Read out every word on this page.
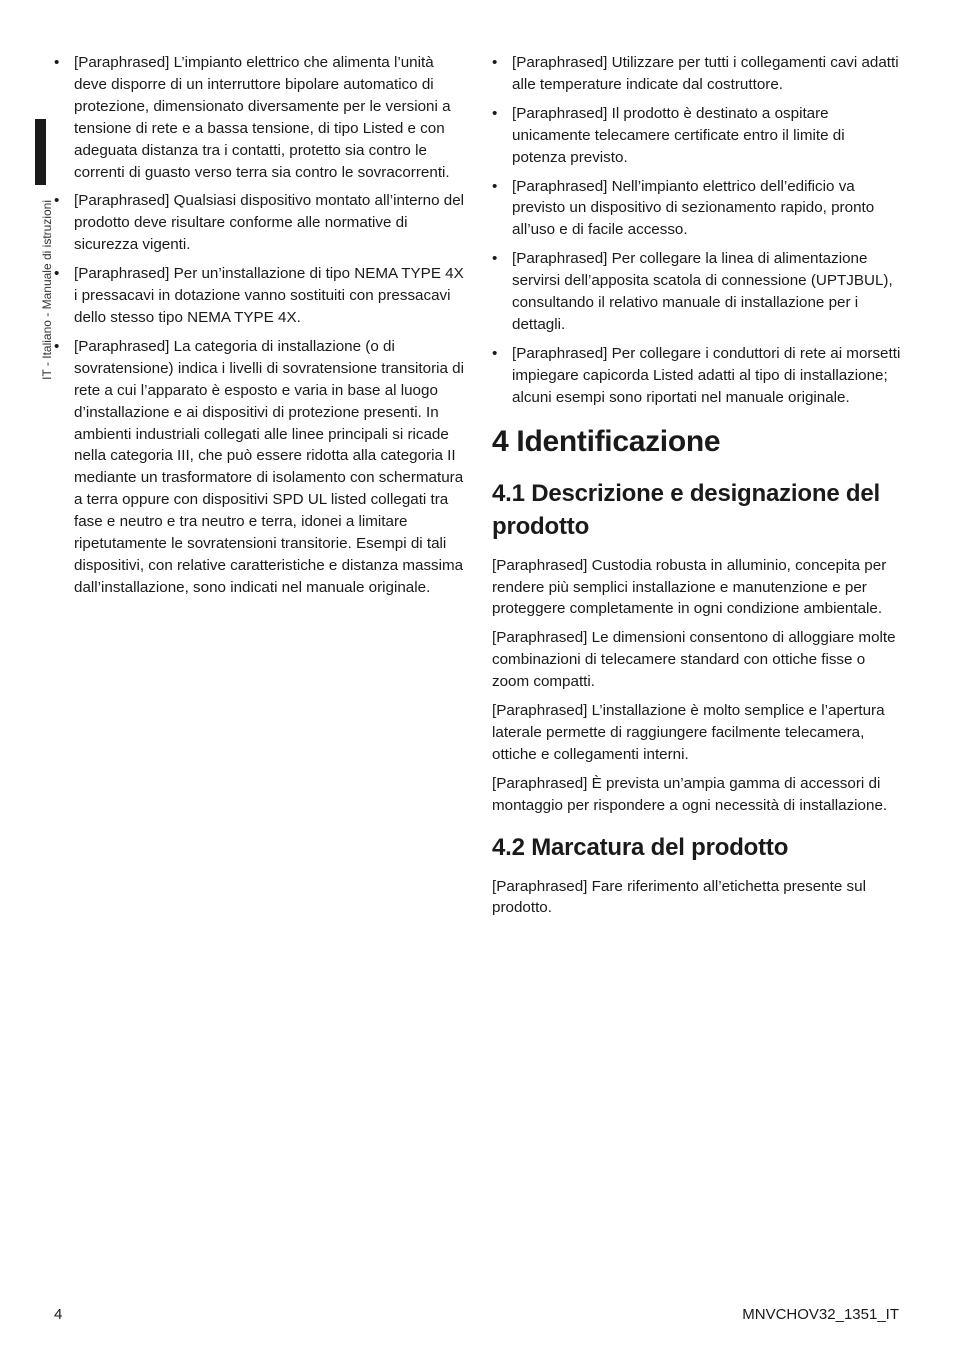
IT - Italiano - Manuale di istruzioni
• [Paraphrased] L’impianto elettrico che alimenta l’unità deve disporre di un interruttore bipolare automatico di protezione, dimensionato diversamente per le versioni a tensione di rete e a bassa tensione, di tipo Listed e con adeguata distanza tra i contatti, protetto sia contro le correnti di guasto verso terra sia contro le sovracorrenti.
• [Paraphrased] Qualsiasi dispositivo montato all’interno del prodotto deve risultare conforme alle normative di sicurezza vigenti.
• [Paraphrased] Per un’installazione di tipo NEMA TYPE 4X i pressacavi in dotazione vanno sostituiti con pressacavi dello stesso tipo NEMA TYPE 4X.
• [Paraphrased] La categoria di installazione (o di sovratensione) indica i livelli di sovratensione transitoria di rete a cui l’apparato è esposto e varia in base al luogo d’installazione e ai dispositivi di protezione presenti. In ambienti industriali collegati alle linee principali si ricade nella categoria III, che può essere ridotta alla categoria II mediante un trasformatore di isolamento con schermatura a terra oppure con dispositivi SPD UL listed collegati tra fase e neutro e tra neutro e terra, idonei a limitare ripetutamente le sovratensioni transitorie. Esempi di tali dispositivi, con relative caratteristiche e distanza massima dall’installazione, sono indicati nel manuale originale.
• [Paraphrased] Utilizzare per tutti i collegamenti cavi adatti alle temperature indicate dal costruttore.
• [Paraphrased] Il prodotto è destinato a ospitare unicamente telecamere certificate entro il limite di potenza previsto.
• [Paraphrased] Nell’impianto elettrico dell’edificio va previsto un dispositivo di sezionamento rapido, pronto all’uso e di facile accesso.
• [Paraphrased] Per collegare la linea di alimentazione servirsi dell’apposita scatola di connessione (UPTJBUL), consultando il relativo manuale di installazione per i dettagli.
• [Paraphrased] Per collegare i conduttori di rete ai morsetti impiegare capicorda Listed adatti al tipo di installazione; alcuni esempi sono riportati nel manuale originale.
4 Identificazione
4.1 Descrizione e designazione del prodotto

[Paraphrased] Custodia robusta in alluminio, concepita per rendere più semplici installazione e manutenzione e per proteggere completamente in ogni condizione ambientale.

[Paraphrased] Le dimensioni consentono di alloggiare molte combinazioni di telecamere standard con ottiche fisse o zoom compatti.

[Paraphrased] L’installazione è molto semplice e l’apertura laterale permette di raggiungere facilmente telecamera, ottiche e collegamenti interni.

[Paraphrased] È prevista un’ampia gamma di accessori di montaggio per rispondere a ogni necessità di installazione.

4.2 Marcatura del prodotto

[Paraphrased] Fare riferimento all’etichetta presente sul prodotto.

4	MNVCHOV32_1351_IT
